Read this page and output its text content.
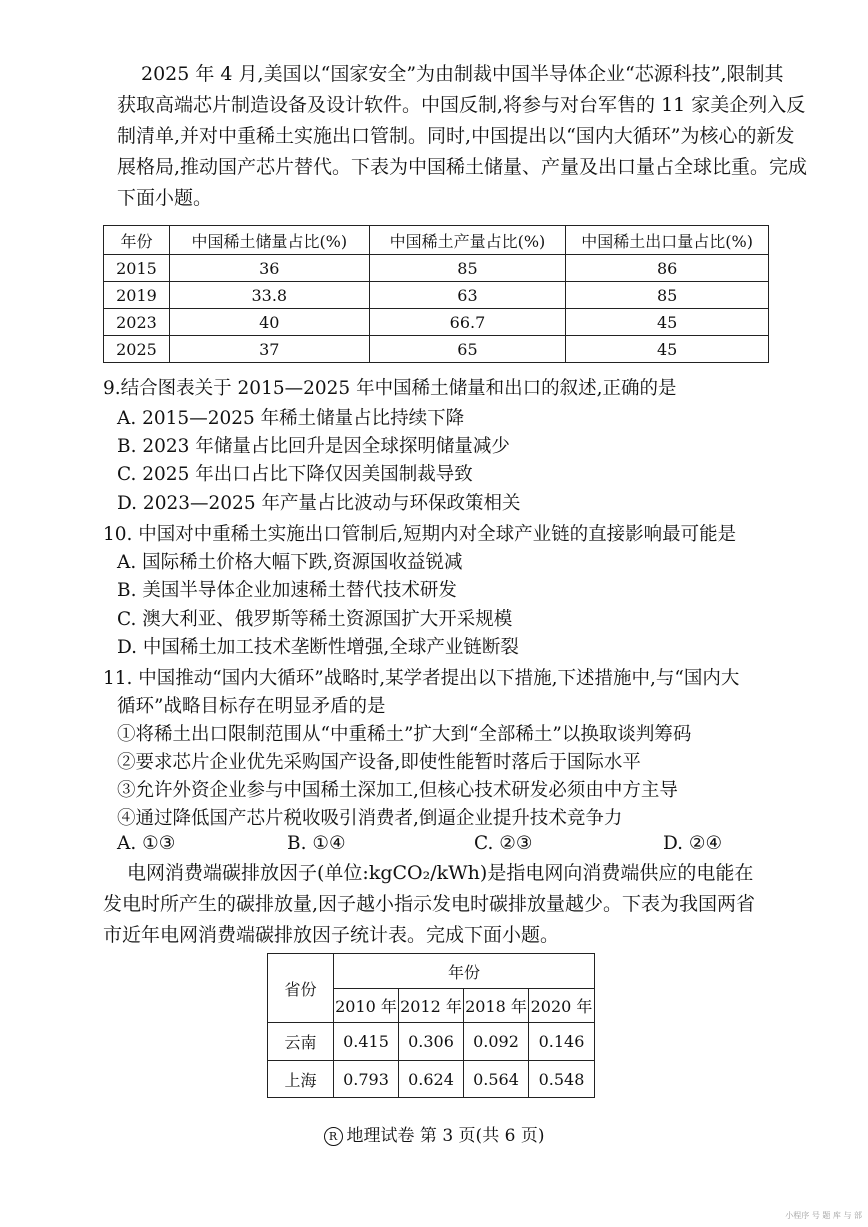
2025 年 4 月,美国以“国家安全”为由制裁中国半导体企业“芯源科技”,限制其
获取高端芯片制造设备及设计软件。中国反制,将参与对台军售的 11 家美企列入反
制清单,并对中重稀土实施出口管制。同时,中国提出以“国内大循环”为核心的新发
展格局,推动国产芯片替代。下表为中国稀土储量、产量及出口量占全球比重。完成
下面小题。
年份	中国稀土储量占比(%)	中国稀土产量占比(%)	中国稀土出口量占比(%)
2015	36	85	86
2019	33.8	63	85
2023	40	66.7	45
2025	37	65	45
9.结合图表关于 2015—2025 年中国稀土储量和出口的叙述,正确的是
A. 2015—2025 年稀土储量占比持续下降
B. 2023 年储量占比回升是因全球探明储量减少
C. 2025 年出口占比下降仅因美国制裁导致
D. 2023—2025 年产量占比波动与环保政策相关
10. 中国对中重稀土实施出口管制后,短期内对全球产业链的直接影响最可能是
A. 国际稀土价格大幅下跌,资源国收益锐减
B. 美国半导体企业加速稀土替代技术研发
C. 澳大利亚、俄罗斯等稀土资源国扩大开采规模
D. 中国稀土加工技术垄断性增强,全球产业链断裂
11. 中国推动“国内大循环”战略时,某学者提出以下措施,下述措施中,与“国内大
循环”战略目标存在明显矛盾的是
①将稀土出口限制范围从“中重稀土”扩大到“全部稀土”以换取谈判筹码
②要求芯片企业优先采购国产设备,即使性能暂时落后于国际水平
③允许外资企业参与中国稀土深加工,但核心技术研发必须由中方主导
④通过降低国产芯片税收吸引消费者,倒逼企业提升技术竞争力
A. ①③	B. ①④	C. ②③	D. ②④
电网消费端碳排放因子(单位:kgCO₂/kWh)是指电网向消费端供应的电能在
发电时所产生的碳排放量,因子越小指示发电时碳排放量越少。下表为我国两省
市近年电网消费端碳排放因子统计表。完成下面小题。
省份	年份			
	2010 年	2012 年	2018 年	2020 年
云南	0.415	0.306	0.092	0.146
上海	0.793	0.624	0.564	0.548
R 地理试卷 第 3 页(共 6 页)
小程序 号 题 库 与 部
